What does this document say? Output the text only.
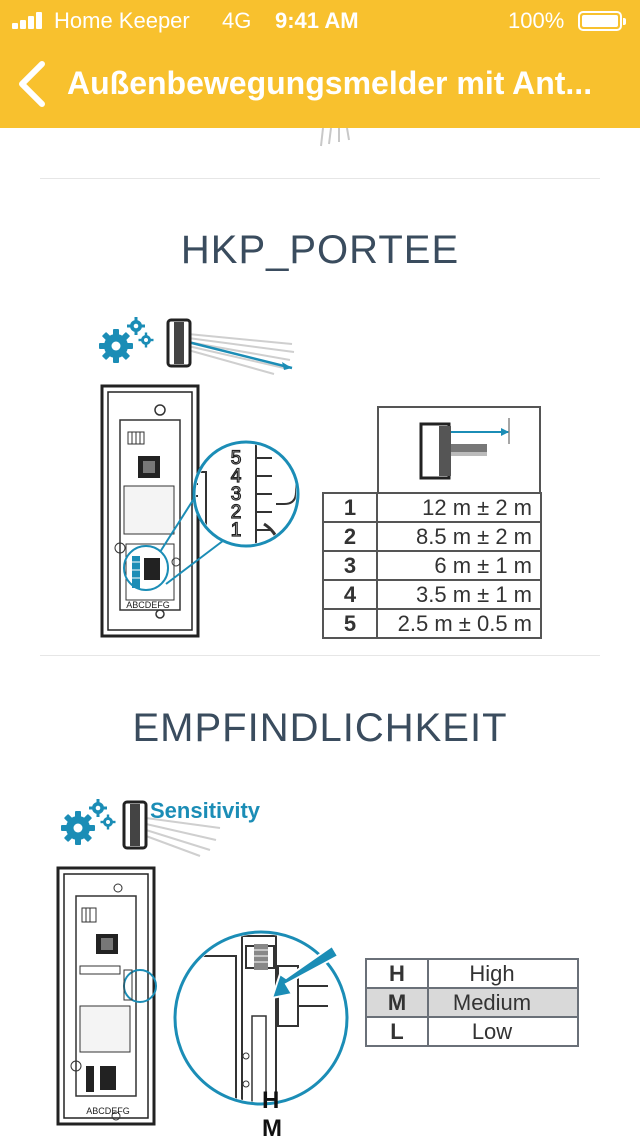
Home Keeper 4G 9:41 AM	100%
Außenbewegungsmelder mit Ant...
HKP_PORTEE
5
4
3
2
1
ABCDEFG
1	12 m ± 2 m
2	8.5 m ± 2 m
3	6 m ± 1 m
4	3.5 m ± 1 m
5	2.5 m ± 0.5 m
EMPFINDLICHKEIT
Sensitivity
ABCDEFG	H
M
H	High
M	Medium
L	Low
